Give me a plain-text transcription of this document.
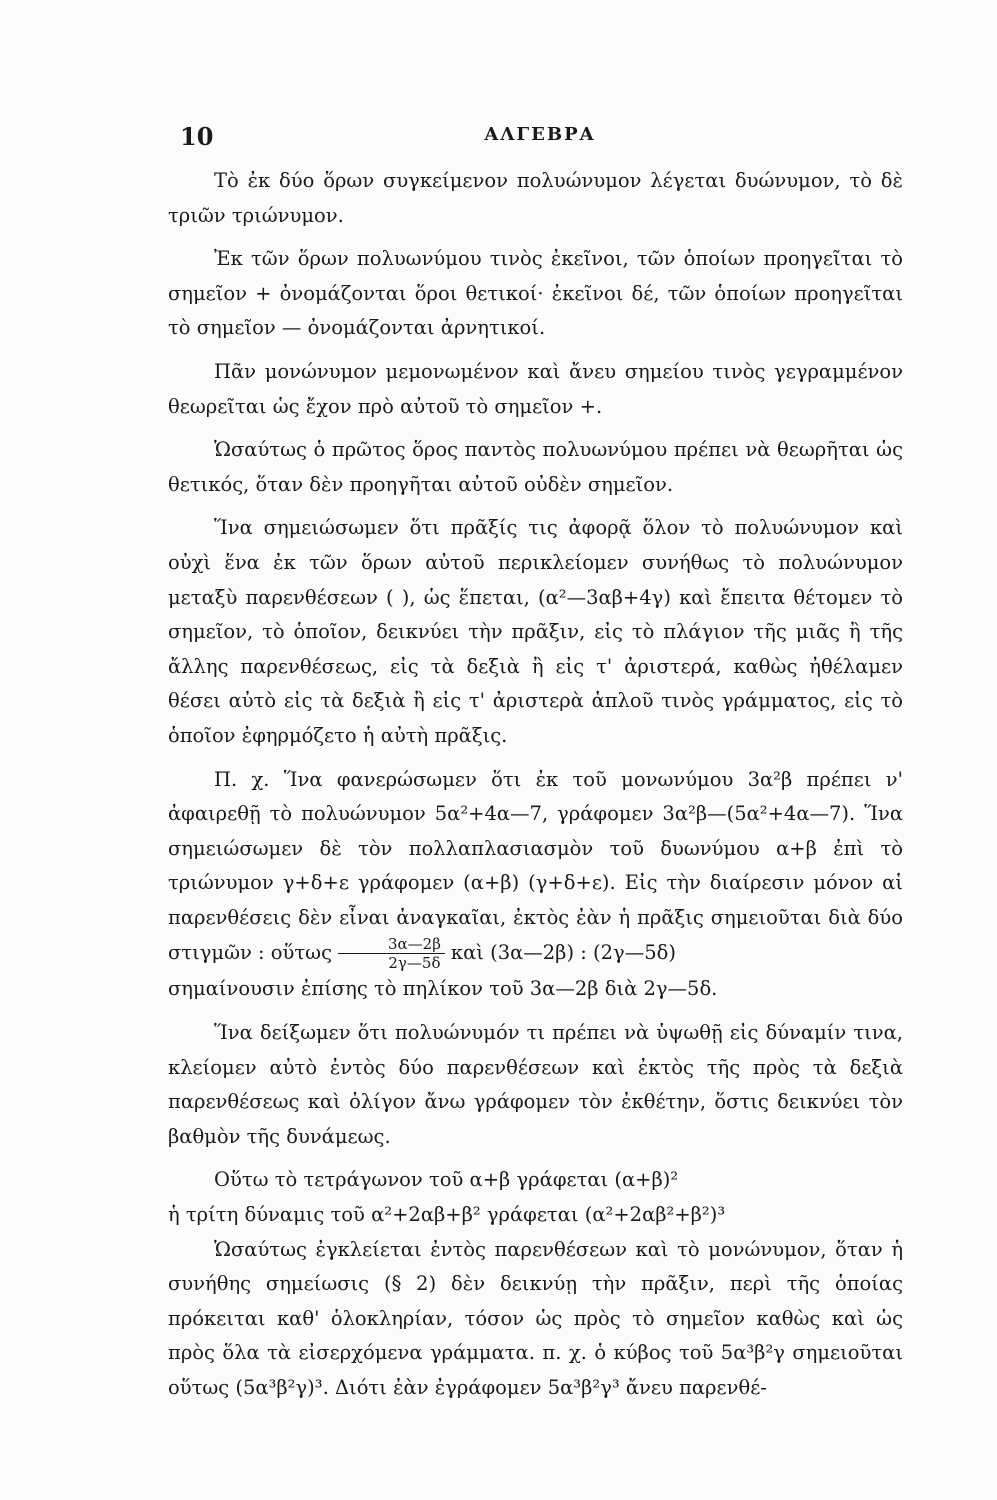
10	ΑΛΓΕΒΡΑ

Τὸ ἐκ δύο ὅρων συγκείμενον πολυώνυμον λέγεται δυώνυμον, τὸ δὲ τριῶν τριώνυμον.

Ἐκ τῶν ὅρων πολυωνύμου τινὸς ἐκεῖνοι, τῶν ὁποίων προηγεῖται τὸ σημεῖον + ὀνομάζονται ὅροι θετικοί· ἐκεῖνοι δέ, τῶν ὁποίων προηγεῖται τὸ σημεῖον — ὀνομάζονται ἀρνητικοί.

Πᾶν μονώνυμον μεμονωμένον καὶ ἄνευ σημείου τινὸς γεγραμμένον θεωρεῖται ὡς ἔχον πρὸ αὐτοῦ τὸ σημεῖον +.

Ὡσαύτως ὁ πρῶτος ὅρος παντὸς πολυωνύμου πρέπει νὰ θεωρῆται ὡς θετικός, ὅταν δὲν προηγῆται αὐτοῦ οὐδὲν σημεῖον.

Ἵνα σημειώσωμεν ὅτι πρᾶξίς τις ἀφορᾷ ὅλον τὸ πολυώνυμον καὶ οὐχὶ ἕνα ἐκ τῶν ὅρων αὐτοῦ περικλείομεν συνήθως τὸ πολυώνυμον μεταξὺ παρενθέσεων ( ), ὡς ἕπεται, (α²—3αβ+4γ) καὶ ἔπειτα θέτομεν τὸ σημεῖον, τὸ ὁποῖον, δεικνύει τὴν πρᾶξιν, εἰς τὸ πλάγιον τῆς μιᾶς ἢ τῆς ἄλλης παρενθέσεως, εἰς τὰ δεξιὰ ἢ εἰς τ' ἀριστερά, καθὼς ἠθέλαμεν θέσει αὐτὸ εἰς τὰ δεξιὰ ἢ εἰς τ' ἀριστερὰ ἁπλοῦ τινὸς γράμματος, εἰς τὸ ὁποῖον ἐφηρμόζετο ἡ αὐτὴ πρᾶξις.

Π. χ. Ἵνα φανερώσωμεν ὅτι ἐκ τοῦ μονωνύμου 3α²β πρέπει ν' ἀφαιρεθῇ τὸ πολυώνυμον 5α²+4α—7, γράφομεν 3α²β—(5α²+4α—7). Ἵνα σημειώσωμεν δὲ τὸν πολλαπλασιασμὸν τοῦ δυωνύμου α+β ἐπὶ τὸ τριώνυμον γ+δ+ε γράφομεν (α+β) (γ+δ+ε). Εἰς τὴν διαίρεσιν μόνον αἱ παρενθέσεις δὲν εἶναι ἀναγκαῖαι, ἐκτὸς ἐὰν ἡ πρᾶξις σημειοῦται διὰ δύο στιγμῶν : οὕτως $\frac{3\alpha—2\beta}{2\gamma—5\delta}$ καὶ (3α—2β) : (2γ—5δ)

σημαίνουσιν ἐπίσης τὸ πηλίκον τοῦ 3α—2β διὰ 2γ—5δ.

Ἵνα δείξωμεν ὅτι πολυώνυμόν τι πρέπει νὰ ὑψωθῇ εἰς δύναμίν τινα, κλείομεν αὐτὸ ἐντὸς δύο παρενθέσεων καὶ ἐκτὸς τῆς πρὸς τὰ δεξιὰ παρενθέσεως καὶ ὀλίγον ἄνω γράφομεν τὸν ἐκθέτην, ὅστις δεικνύει τὸν βαθμὸν τῆς δυνάμεως.

Οὕτω τὸ τετράγωνον τοῦ α+β γράφεται (α+β)²

ἡ τρίτη δύναμις τοῦ α²+2αβ+β² γράφεται (α²+2αβ²+β²)³

Ὡσαύτως ἐγκλείεται ἐντὸς παρενθέσεων καὶ τὸ μονώνυμον, ὅταν ἡ συνήθης σημείωσις (§ 2) δὲν δεικνύῃ τὴν πρᾶξιν, περὶ τῆς ὁποίας πρόκειται καθ' ὁλοκληρίαν, τόσον ὡς πρὸς τὸ σημεῖον καθὼς καὶ ὡς πρὸς ὅλα τὰ εἰσερχόμενα γράμματα. π. χ. ὁ κύβος τοῦ 5α³β²γ σημειοῦται οὕτως (5α³β²γ)³. Διότι ἐὰν ἐγράφομεν 5α³β²γ³ ἄνευ παρενθέ-
